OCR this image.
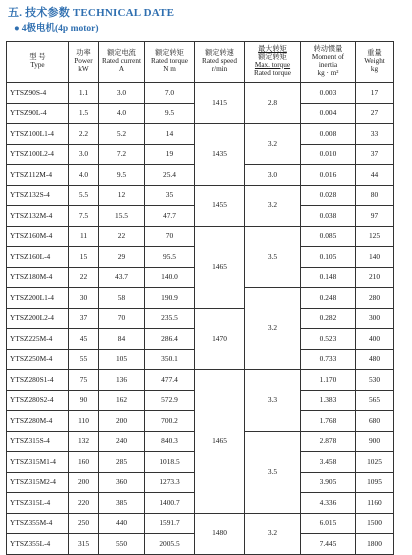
五. 技术参数 TECHNICAL DATE
● 4极电机(4p motor)
型 号
Type	功率
Power
kW	额定电流
Rated current
A	额定转矩
Rated torque
N m	额定转速
Rated speed
r/min	最大转矩
额定转矩
Max. torque
Rated torque	转动惯量
Moment of
inertia
kg · m²	重量
Weight
kg
YTSZ90S-4	1.1	3.0	7.0	1415	2.8	0.003	17
YTSZ90L-4	1.5	4.0	9.5			0.004	27
YTSZ100L1-4	2.2	5.2	14	1435	3.2	0.008	33
YTSZ100L2-4	3.0	7.2	19			0.010	37
YTSZ112M-4	4.0	9.5	25.4		3.0	0.016	44
YTSZ132S-4	5.5	12	35	1455	3.2	0.028	80
YTSZ132M-4	7.5	15.5	47.7			0.038	97
YTSZ160M-4	11	22	70	1465	3.5	0.085	125
YTSZ160L-4	15	29	95.5			0.105	140
YTSZ180M-4	22	43.7	140.0			0.148	210
YTSZ200L1-4	30	58	190.9		3.2	0.248	280
YTSZ200L2-4	37	70	235.5	1470		0.282	300
YTSZ225M-4	45	84	286.4			0.523	400
YTSZ250M-4	55	105	350.1			0.733	480
YTSZ280S1-4	75	136	477.4	1465	3.3	1.170	530
YTSZ280S2-4	90	162	572.9			1.383	565
YTSZ280M-4	110	200	700.2			1.768	680
YTSZ315S-4	132	240	840.3		3.5	2.878	900
YTSZ315M1-4	160	285	1018.5			3.458	1025
YTSZ315M2-4	200	360	1273.3			3.905	1095
YTSZ315L-4	220	385	1400.7			4.336	1160
YTSZ355M-4	250	440	1591.7	1480	3.2	6.015	1500
YTSZ355L-4	315	550	2005.5			7.445	1800
